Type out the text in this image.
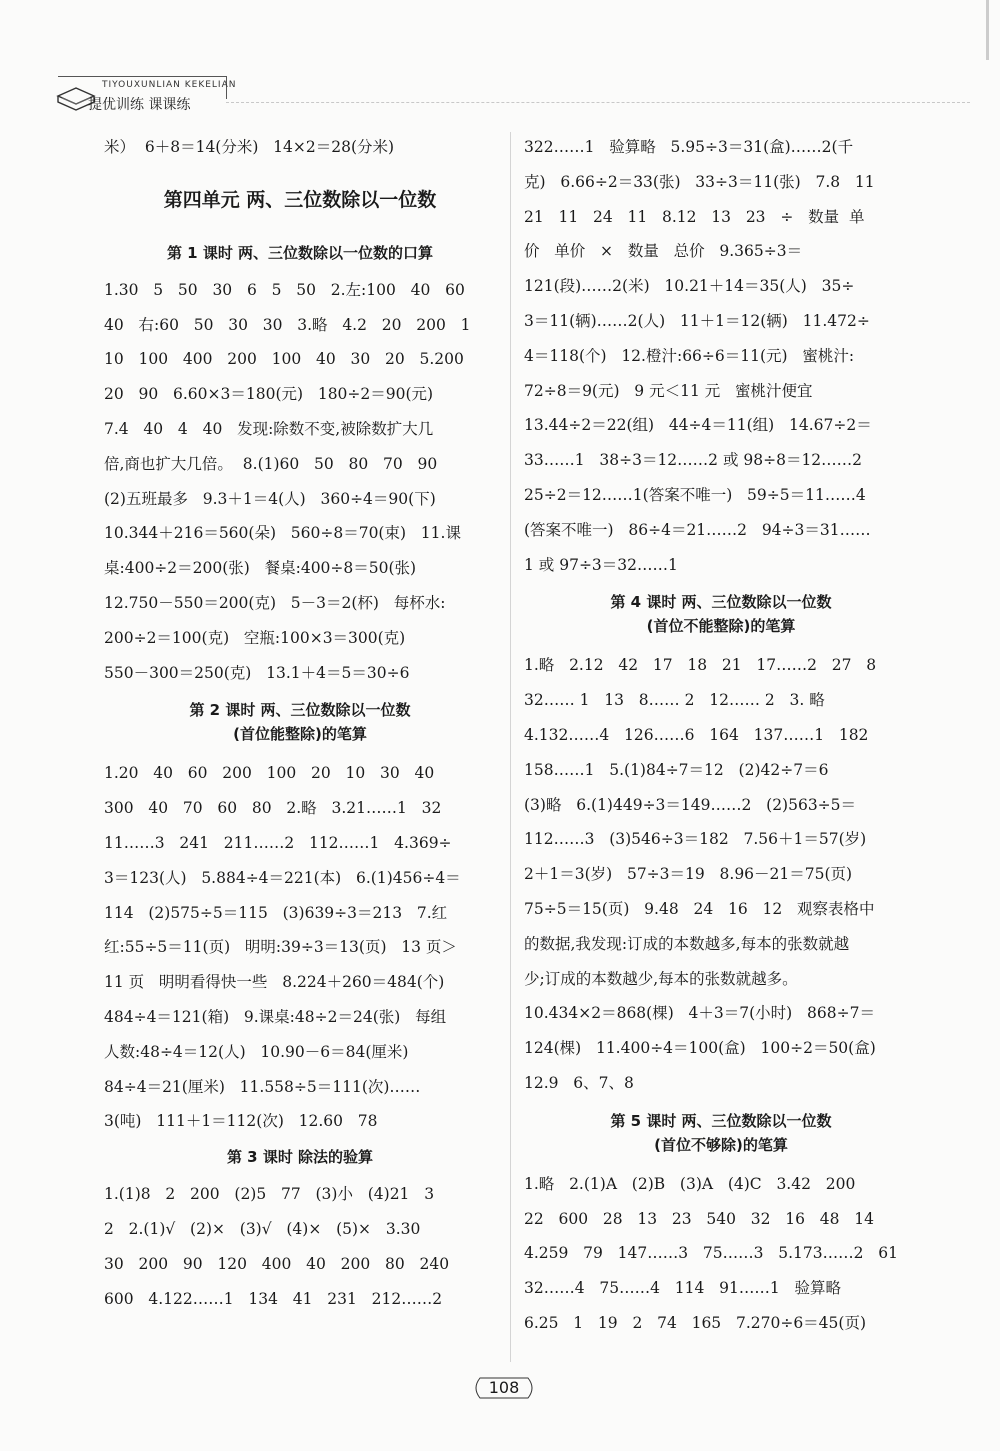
TIYOUXUNLIAN KEKELIAN
提优训练 课课练
米）  6＋8＝14(分米)   14×2＝28(分米)
第四单元 两、三位数除以一位数
第 1 课时 两、三位数除以一位数的口算
1.30   5   50   30   6   5   50   2.左:100   40   60
40   右:60   50   30   30   3.略   4.2   20   200   1
10   100   400   200   100   40   30   20   5.200
20   90   6.60×3＝180(元)   180÷2＝90(元)
7.4   40   4   40   发现:除数不变,被除数扩大几
倍,商也扩大几倍。  8.(1)60   50   80   70   90
(2)五班最多   9.3＋1＝4(人)   360÷4＝90(下)
10.344＋216＝560(朵)   560÷8＝70(束)   11.课
桌:400÷2＝200(张)   餐桌:400÷8＝50(张)
12.750－550＝200(克)   5－3＝2(杯)   每杯水:
200÷2＝100(克)   空瓶:100×3＝300(克)
550－300＝250(克)   13.1＋4＝5＝30÷6
第 2 课时 两、三位数除以一位数
(首位能整除)的笔算
1.20   40   60   200   100   20   10   30   40
300   40   70   60   80   2.略   3.21……1   32
11……3   241   211……2   112……1   4.369÷
3＝123(人)   5.884÷4＝221(本)   6.(1)456÷4＝
114   (2)575÷5＝115   (3)639÷3＝213   7.红
红:55÷5＝11(页)   明明:39÷3＝13(页)   13 页＞
11 页   明明看得快一些   8.224＋260＝484(个)
484÷4＝121(箱)   9.课桌:48÷2＝24(张)   每组
人数:48÷4＝12(人)   10.90－6＝84(厘米)
84÷4＝21(厘米)   11.558÷5＝111(次)……
3(吨)   111＋1＝112(次)   12.60   78
第 3 课时 除法的验算
1.(1)8   2   200   (2)5   77   (3)小   (4)21   3
2   2.(1)√   (2)×   (3)√   (4)×   (5)×   3.30
30   200   90   120   400   40   200   80   240
600   4.122……1   134   41   231   212……2
322……1   验算略   5.95÷3＝31(盒)……2(千
克)   6.66÷2＝33(张)   33÷3＝11(张)   7.8   11
21   11   24   11   8.12   13   23   ÷   数量  单
价   单价   ×   数量   总价   9.365÷3＝
121(段)……2(米)   10.21＋14＝35(人)   35÷
3＝11(辆)……2(人)   11＋1＝12(辆)   11.472÷
4＝118(个)   12.橙汁:66÷6＝11(元)   蜜桃汁:
72÷8＝9(元)   9 元＜11 元   蜜桃汁便宜
13.44÷2＝22(组)   44÷4＝11(组)   14.67÷2＝
33……1   38÷3＝12……2 或 98÷8＝12……2
25÷2＝12……1(答案不唯一)   59÷5＝11……4
(答案不唯一)   86÷4＝21……2   94÷3＝31……
1 或 97÷3＝32……1
第 4 课时 两、三位数除以一位数
(首位不能整除)的笔算
1.略   2.12   42   17   18   21   17……2   27   8
32…… 1   13   8…… 2   12…… 2   3. 略
4.132……4   126……6   164   137……1   182
158……1   5.(1)84÷7＝12   (2)42÷7＝6
(3)略   6.(1)449÷3＝149……2   (2)563÷5＝
112……3   (3)546÷3＝182   7.56＋1＝57(岁)
2＋1＝3(岁)   57÷3＝19   8.96－21＝75(页)
75÷5＝15(页)   9.48   24   16   12   观察表格中
的数据,我发现:订成的本数越多,每本的张数就越
少;订成的本数越少,每本的张数就越多。
10.434×2＝868(棵)   4＋3＝7(小时)   868÷7＝
124(棵)   11.400÷4＝100(盒)   100÷2＝50(盒)
12.9   6、7、8
第 5 课时 两、三位数除以一位数
(首位不够除)的笔算
1.略   2.(1)A   (2)B   (3)A   (4)C   3.42   200
22   600   28   13   23   540   32   16   48   14
4.259   79   147……3   75……3   5.173……2   61
32……4   75……4   114   91……1   验算略
6.25   1   19   2   74   165   7.270÷6＝45(页)
108
